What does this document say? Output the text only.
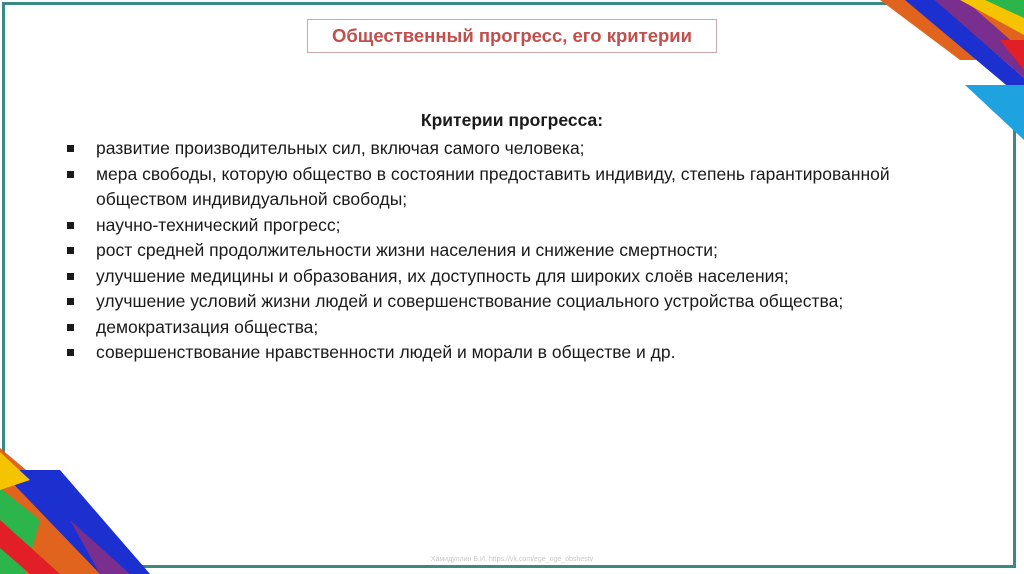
Общественный прогресс, его критерии
Критерии прогресса:
развитие производительных сил, включая самого человека;
мера свободы, которую общество в состоянии предоставить индивиду, степень гарантированной обществом индивидуальной свободы;
научно-технический прогресс;
рост средней продолжительности жизни населения и снижение смертности;
улучшение медицины и образования, их доступность для широких слоёв населения;
улучшение условий жизни людей и совершенствование социального устройства общества;
демократизация общества;
совершенствование нравственности людей и морали в обществе и др.
Хамидуллин Б.И. https://vk.com/ege_oge_obshestv
